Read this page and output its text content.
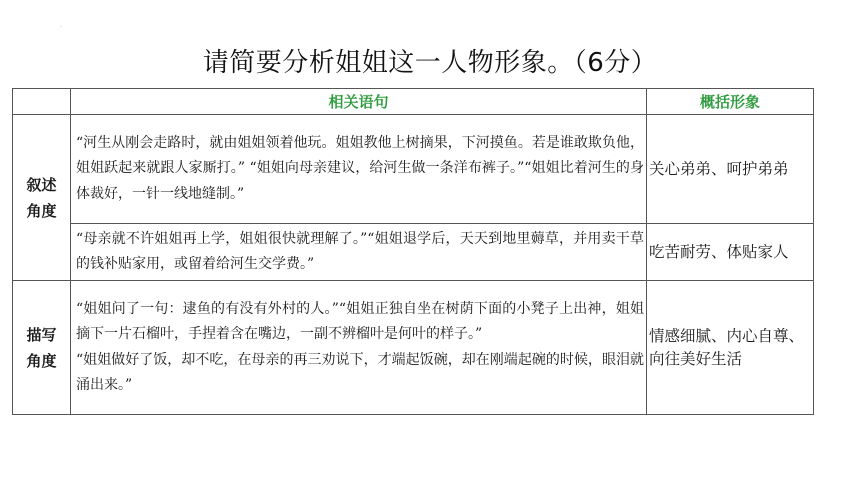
·
请简要分析姐姐这一人物形象。（6分）
	相关语句	概括形象
叙述
角度	“河生从刚会走路时，就由姐姐领着他玩。姐姐教他上树摘果，下河摸鱼。若是谁敢欺负他，姐姐跃起来就跟人家厮打。” “姐姐向母亲建议，给河生做一条洋布裤子。”“姐姐比着河生的身体裁好，一针一线地缝制。”	关心弟弟、呵护弟弟
	“母亲就不许姐姐再上学，姐姐很快就理解了。”“姐姐退学后，天天到地里薅草，并用卖干草的钱补贴家用，或留着给河生交学费。”	吃苦耐劳、体贴家人
描写
角度	“姐姐问了一句：逮鱼的有没有外村的人。”“姐姐正独自坐在树荫下面的小凳子上出神，姐姐摘下一片石榴叶，手捏着含在嘴边，一副不辨榴叶是何叶的样子。”
“姐姐做好了饭，却不吃，在母亲的再三劝说下，才端起饭碗，却在刚端起碗的时候，眼泪就涌出来。”	情感细腻、内心自尊、
向往美好生活
